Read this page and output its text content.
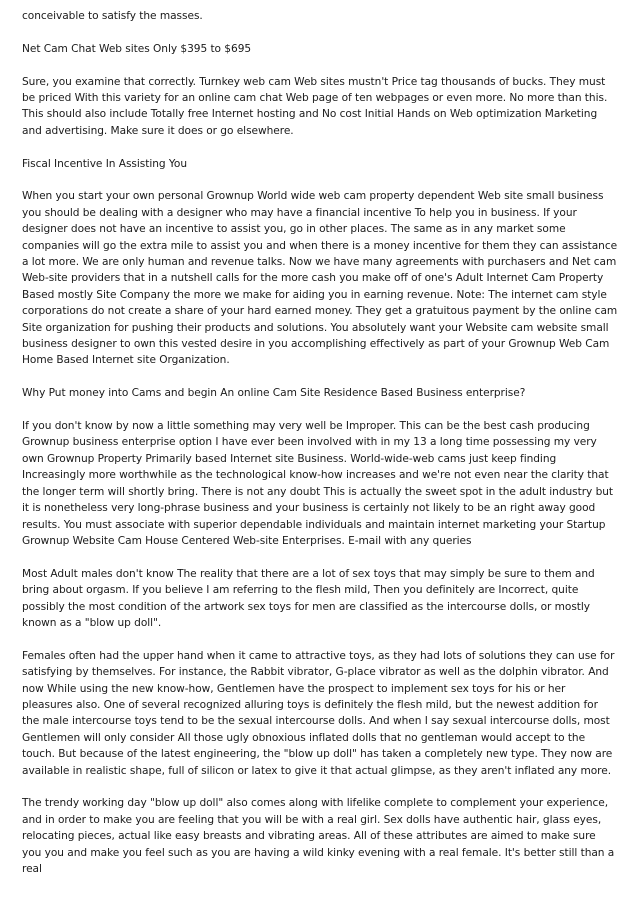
conceivable to satisfy the masses.

Net Cam Chat Web sites Only $395 to $695

Sure, you examine that correctly. Turnkey web cam Web sites mustn't Price tag thousands of bucks. They must be priced With this variety for an online cam chat Web page of ten webpages or even more. No more than this. This should also include Totally free Internet hosting and No cost Initial Hands on Web optimization Marketing and advertising. Make sure it does or go elsewhere.

Fiscal Incentive In Assisting You

When you start your own personal Grownup World wide web cam property dependent Web site small business you should be dealing with a designer who may have a financial incentive To help you in business. If your designer does not have an incentive to assist you, go in other places. The same as in any market some companies will go the extra mile to assist you and when there is a money incentive for them they can assistance a lot more. We are only human and revenue talks. Now we have many agreements with purchasers and Net cam Web-site providers that in a nutshell calls for the more cash you make off of one's Adult Internet Cam Property Based mostly Site Company the more we make for aiding you in earning revenue. Note: The internet cam style corporations do not create a share of your hard earned money. They get a gratuitous payment by the online cam Site organization for pushing their products and solutions. You absolutely want your Website cam website small business designer to own this vested desire in you accomplishing effectively as part of your Grownup Web Cam Home Based Internet site Organization.

Why Put money into Cams and begin An online Cam Site Residence Based Business enterprise?

If you don't know by now a little something may very well be Improper. This can be the best cash producing Grownup business enterprise option I have ever been involved with in my 13 a long time possessing my very own Grownup Property Primarily based Internet site Business. World-wide-web cams just keep finding Increasingly more worthwhile as the technological know-how increases and we're not even near the clarity that the longer term will shortly bring. There is not any doubt This is actually the sweet spot in the adult industry but it is nonetheless very long-phrase business and your business is certainly not likely to be an right away good results. You must associate with superior dependable individuals and maintain internet marketing your Startup Grownup Website Cam House Centered Web-site Enterprises. E-mail with any queries

Most Adult males don't know The reality that there are a lot of sex toys that may simply be sure to them and bring about orgasm. If you believe I am referring to the flesh mild, Then you definitely are Incorrect, quite possibly the most condition of the artwork sex toys for men are classified as the intercourse dolls, or mostly known as a "blow up doll".

Females often had the upper hand when it came to attractive toys, as they had lots of solutions they can use for satisfying by themselves. For instance, the Rabbit vibrator, G-place vibrator as well as the dolphin vibrator. And now While using the new know-how, Gentlemen have the prospect to implement sex toys for his or her pleasures also. One of several recognized alluring toys is definitely the flesh mild, but the newest addition for the male intercourse toys tend to be the sexual intercourse dolls. And when I say sexual intercourse dolls, most Gentlemen will only consider All those ugly obnoxious inflated dolls that no gentleman would accept to the touch. But because of the latest engineering, the "blow up doll" has taken a completely new type. They now are available in realistic shape, full of silicon or latex to give it that actual glimpse, as they aren't inflated any more.

The trendy working day "blow up doll" also comes along with lifelike complete to complement your experience, and in order to make you are feeling that you will be with a real girl. Sex dolls have authentic hair, glass eyes, relocating pieces, actual like easy breasts and vibrating areas. All of these attributes are aimed to make sure you you and make you feel such as you are having a wild kinky evening with a real female. It's better still than a real
